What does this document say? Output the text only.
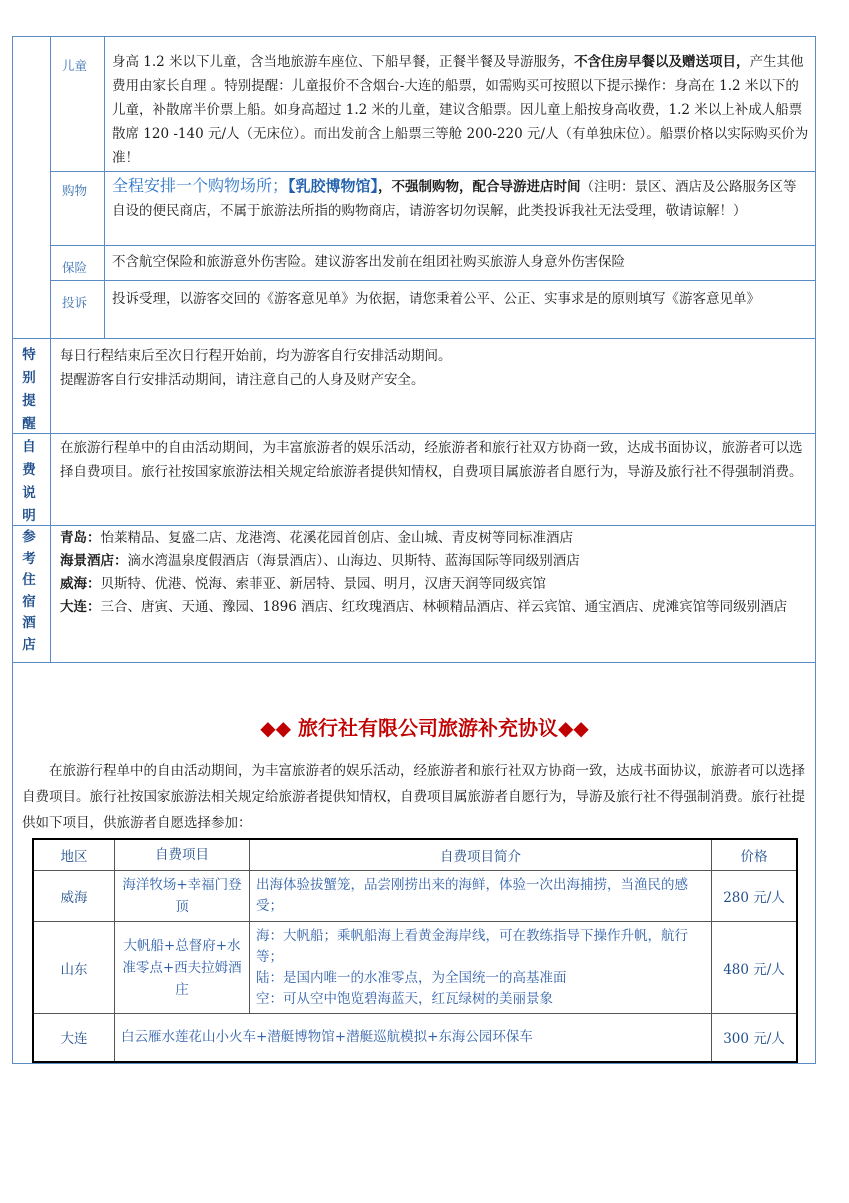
儿童 身高 1.2 米以下儿童，含当地旅游车座位、下船早餐，正餐半餐及导游服务，不含住房早餐以及赠送项目，产生其他费用由家长自理 。特别提醒：儿童报价不含烟台-大连的船票，如需购买可按照以下提示操作：身高在 1.2 米以下的儿童，补散席半价票上船。如身高超过 1.2 米的儿童，建议含船票。因儿童上船按身高收费，1.2 米以上补成人船票散席 120 -140 元/人（无床位）。而出发前含上船票三等舱 200-220 元/人（有单独床位）。船票价格以实际购买价为准！
购物 全程安排一个购物场所；【乳胶博物馆】，不强制购物，配合导游进店时间（注明：景区、酒店及公路服务区等自设的便民商店，不属于旅游法所指的购物商店，请游客切勿误解，此类投诉我社无法受理，敬请谅解！）
保险 不含航空保险和旅游意外伤害险。建议游客出发前在组团社购买旅游人身意外伤害保险
投诉 投诉受理，以游客交回的《游客意见单》为依据，请您秉着公平、公正、实事求是的原则填写《游客意见单》
特
别
提
醒
每日行程结束后至次日行程开始前，均为游客自行安排活动期间。
提醒游客自行安排活动期间，请注意自己的人身及财产安全。
自
费
说
明
在旅游行程单中的自由活动期间，为丰富旅游者的娱乐活动，经旅游者和旅行社双方协商一致，达成书面协议，旅游者可以选择自费项目。旅行社按国家旅游法相关规定给旅游者提供知情权，自费项目属旅游者自愿行为，导游及旅行社不得强制消费。
参
考
住
宿
酒
店
青岛：怡莱精品、复盛二店、龙港湾、花溪花园首创店、金山城、青皮树等同标准酒店
海景酒店：滴水湾温泉度假酒店（海景酒店）、山海边、贝斯特、蓝海国际等同级别酒店
威海：贝斯特、优港、悦海、索菲亚、新居特、景园、明月，汉唐天润等同级宾馆
大连：三合、唐寅、天通、豫园、1896 酒店、红玫瑰酒店、林顿精品酒店、祥云宾馆、通宝酒店、虎滩宾馆等同级别酒店
◆◆ 旅行社有限公司旅游补充协议◆◆
在旅游行程单中的自由活动期间，为丰富旅游者的娱乐活动，经旅游者和旅行社双方协商一致，达成书面协议，旅游者可以选择自费项目。旅行社按国家旅游法相关规定给旅游者提供知情权，自费项目属旅游者自愿行为，导游及旅行社不得强制消费。旅行社提供如下项目，供旅游者自愿选择参加：
地区	自费项目	自费项目简介	价格
威海	海洋牧场+幸福门登顶	出海体验拔蟹笼，品尝刚捞出来的海鲜，体验一次出海捕捞，当渔民的感受；	280 元/人
山东	大帆船+总督府+水准零点+西夫拉姆酒庄	海：大帆船；乘帆船海上看黄金海岸线，可在教练指导下操作升帆，航行等；
陆：是国内唯一的水准零点，为全国统一的高基准面
空：可从空中饱览碧海蓝天，红瓦绿树的美丽景象	480 元/人
大连	白云雁水莲花山小火车+潜艇博物馆+潜艇巡航模拟+东海公园环保车		300 元/人
